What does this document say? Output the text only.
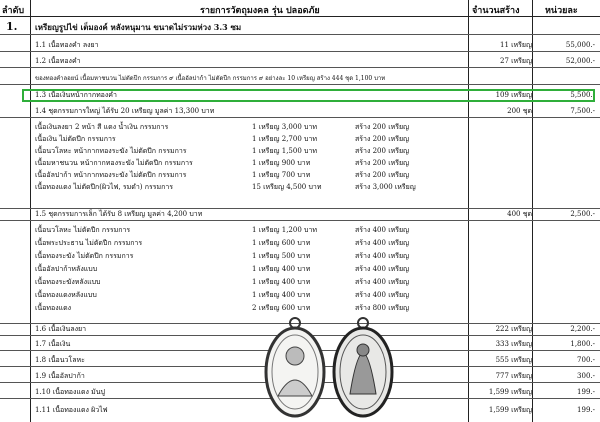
ลำดับ	รายการวัตถุมงคล รุ่น ปลอดภัย	จำนวนสร้าง	หน่วยละ
1.	เหรียญรูปไข่ เต็มองค์ หลังหนุมาน ขนาดไม่รวมห่วง 3.3 ซม
1.1 เนื้อทองคำ ลงยา	11 เหรียญ	55,000.-
1.2 เนื้อทองคำ	27 เหรียญ	52,000.-
ของทองคำลอยน์ เนื้อมหาชนวน ไม่ตัดปีก กรรมการ ๙ เนื้ออัลปาก้า ไม่ตัดปีก กรรมการ ๙ อย่างละ 10 เหรียญ สร้าง 444 ชุด 1,100 บาท
1.3 เนื้อเงินหน้ากากทองคำ	109 เหรียญ	5,500.-
1.4 ชุดกรรมการใหญ่ ได้รับ 20 เหรียญ มูลค่า 13,300 บาท	200 ชุด	7,500.-
เนื้อเงินลงยา 2 หน้า สี แดง น้ำเงิน กรรมการ	1 เหรียญ 3,000 บาท	สร้าง 200 เหรียญ
เนื้อเงิน ไม่ตัดปีก กรรมการ	1 เหรียญ 2,700 บาท	สร้าง 200 เหรียญ
เนื้อนวโลหะ หน้ากากทองระฆัง ไม่ตัดปีก กรรมการ	1 เหรียญ 1,500 บาท	สร้าง 200 เหรียญ
เนื้อมหาชนวน หน้ากากทองระฆัง ไม่ตัดปีก กรรมการ	1 เหรียญ 900 บาท	สร้าง 200 เหรียญ
เนื้ออัลปาก้า หน้ากากทองระฆัง ไม่ตัดปีก กรรมการ	1 เหรียญ 700 บาท	สร้าง 200 เหรียญ
เนื้อทองแดง ไม่ตัดปีก(ผิวไฟ, รมดำ) กรรมการ	15 เหรียญ 4,500 บาท	สร้าง 3,000 เหรียญ
1.5 ชุดกรรมการเล็ก ได้รับ 8 เหรียญ มูลค่า 4,200 บาท	400 ชุด	2,500.-
เนื้อนวโลหะ ไม่ตัดปีก กรรมการ	1 เหรียญ 1,200 บาท	สร้าง 400 เหรียญ
เนื้อพระประธาน ไม่ตัดปีก กรรมการ	1 เหรียญ 600 บาท	สร้าง 400 เหรียญ
เนื้อทองระฆัง ไม่ตัดปีก กรรมการ	1 เหรียญ 500 บาท	สร้าง 400 เหรียญ
เนื้ออัลปาก้าหลังแบบ	1 เหรียญ 400 บาท	สร้าง 400 เหรียญ
เนื้อทองระฆังหลังแบบ	1 เหรียญ 400 บาท	สร้าง 400 เหรียญ
เนื้อทองแดงหลังแบบ	1 เหรียญ 400 บาท	สร้าง 400 เหรียญ
เนื้อทองแดง	2 เหรียญ 600 บาท	สร้าง 800 เหรียญ
1.6 เนื้อเงินลงยา	222 เหรียญ	2,200.-
1.7 เนื้อเงิน	333 เหรียญ	1,800.-
1.8 เนื้อนวโลหะ	555 เหรียญ	700.-
1.9 เนื้ออัลปาก้า	777 เหรียญ	300.-
1.10 เนื้อทองแดง มันปู	1,599 เหรียญ	199.-
1.11 เนื้อทองแดง ผิวไฟ	1,599 เหรียญ	199.-
